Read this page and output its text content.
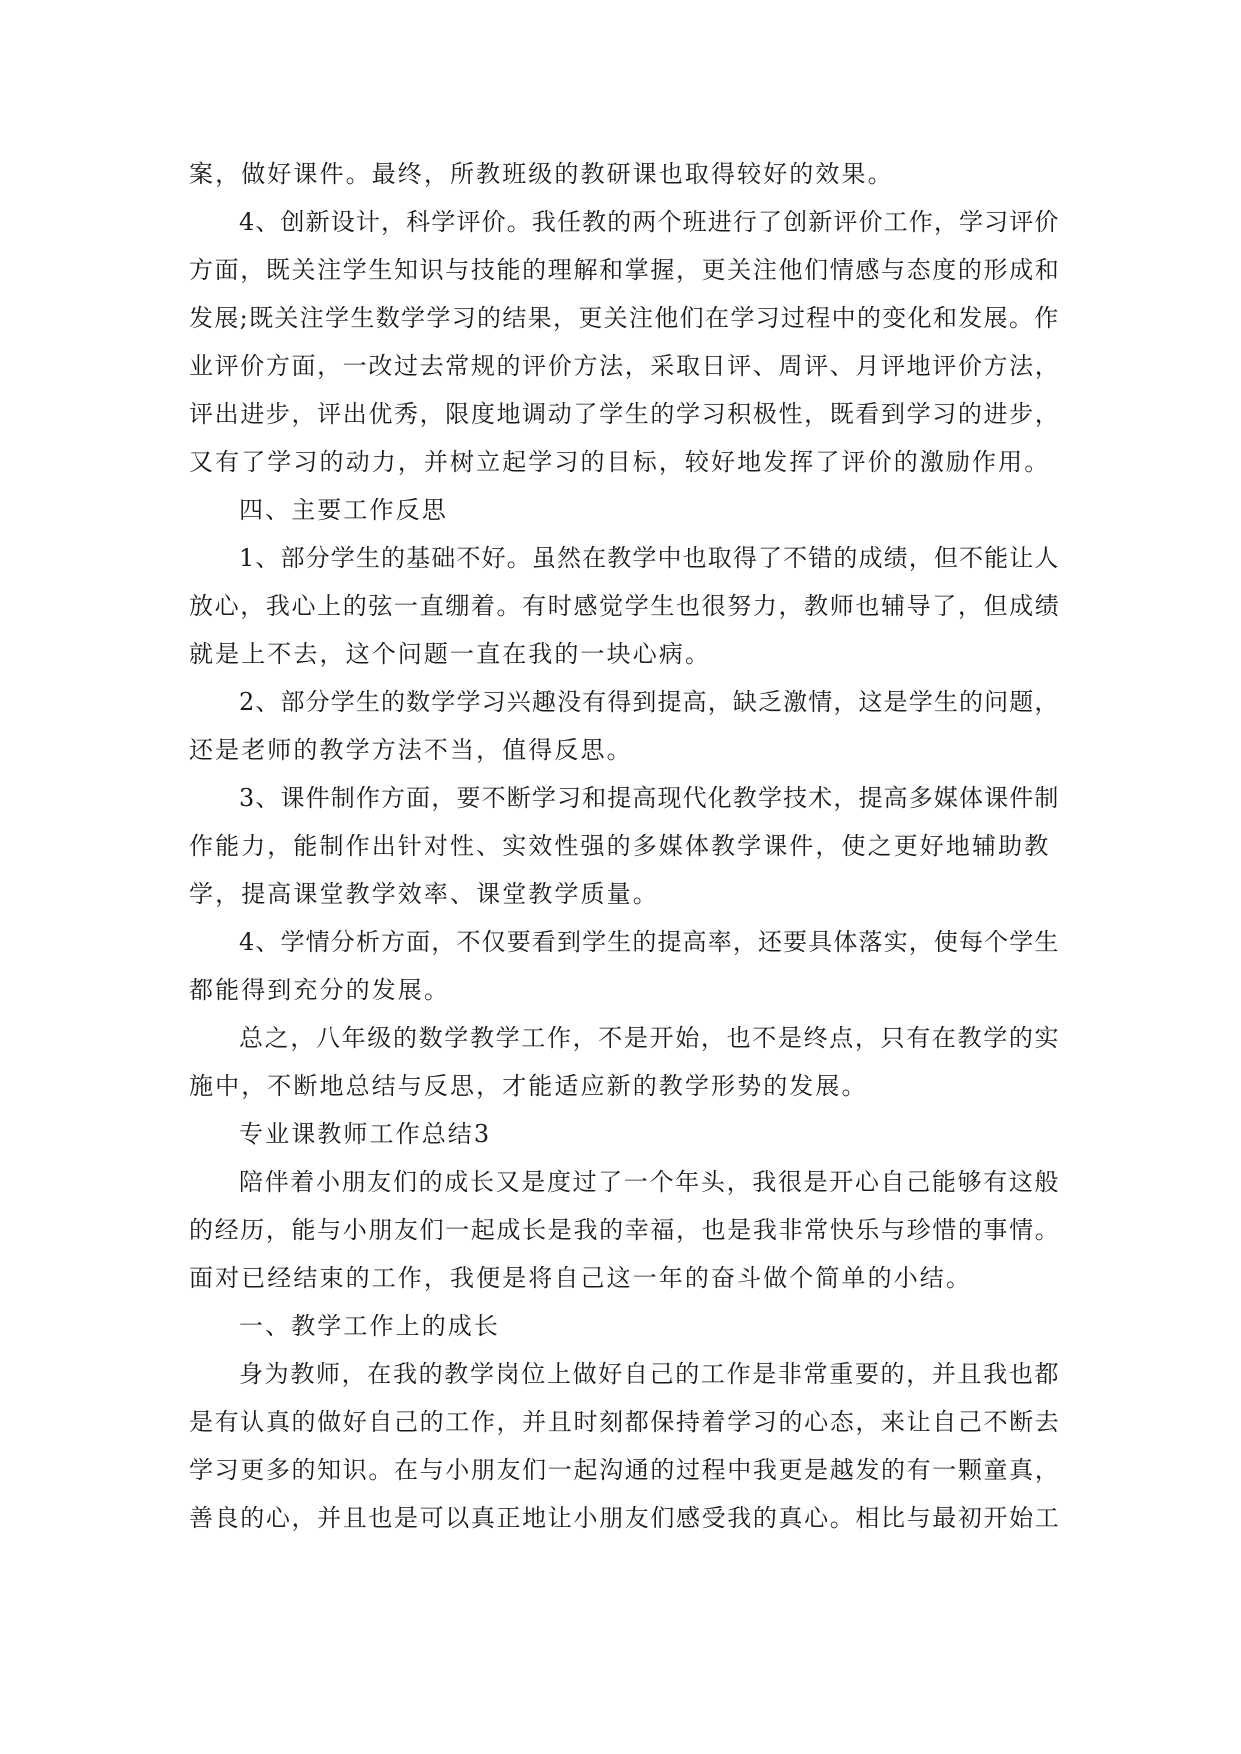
案，做好课件。最终，所教班级的教研课也取得较好的效果。

4、创新设计，科学评价。我任教的两个班进行了创新评价工作，学习评价

方面，既关注学生知识与技能的理解和掌握，更关注他们情感与态度的形成和

发展;既关注学生数学学习的结果，更关注他们在学习过程中的变化和发展。作

业评价方面，一改过去常规的评价方法，采取日评、周评、月评地评价方法，

评出进步，评出优秀，限度地调动了学生的学习积极性，既看到学习的进步，

又有了学习的动力，并树立起学习的目标，较好地发挥了评价的激励作用。

四、主要工作反思

1、部分学生的基础不好。虽然在教学中也取得了不错的成绩，但不能让人

放心，我心上的弦一直绷着。有时感觉学生也很努力，教师也辅导了，但成绩

就是上不去，这个问题一直在我的一块心病。

2、部分学生的数学学习兴趣没有得到提高，缺乏激情，这是学生的问题，

还是老师的教学方法不当，值得反思。

3、课件制作方面，要不断学习和提高现代化教学技术，提高多媒体课件制

作能力，能制作出针对性、实效性强的多媒体教学课件，使之更好地辅助教

学，提高课堂教学效率、课堂教学质量。

4、学情分析方面，不仅要看到学生的提高率，还要具体落实，使每个学生

都能得到充分的发展。

总之，八年级的数学教学工作，不是开始，也不是终点，只有在教学的实

施中，不断地总结与反思，才能适应新的教学形势的发展。

专业课教师工作总结3

陪伴着小朋友们的成长又是度过了一个年头，我很是开心自己能够有这般

的经历，能与小朋友们一起成长是我的幸福，也是我非常快乐与珍惜的事情。

面对已经结束的工作，我便是将自己这一年的奋斗做个简单的小结。

一、教学工作上的成长

身为教师，在我的教学岗位上做好自己的工作是非常重要的，并且我也都

是有认真的做好自己的工作，并且时刻都保持着学习的心态，来让自己不断去

学习更多的知识。在与小朋友们一起沟通的过程中我更是越发的有一颗童真，

善良的心，并且也是可以真正地让小朋友们感受我的真心。相比与最初开始工
